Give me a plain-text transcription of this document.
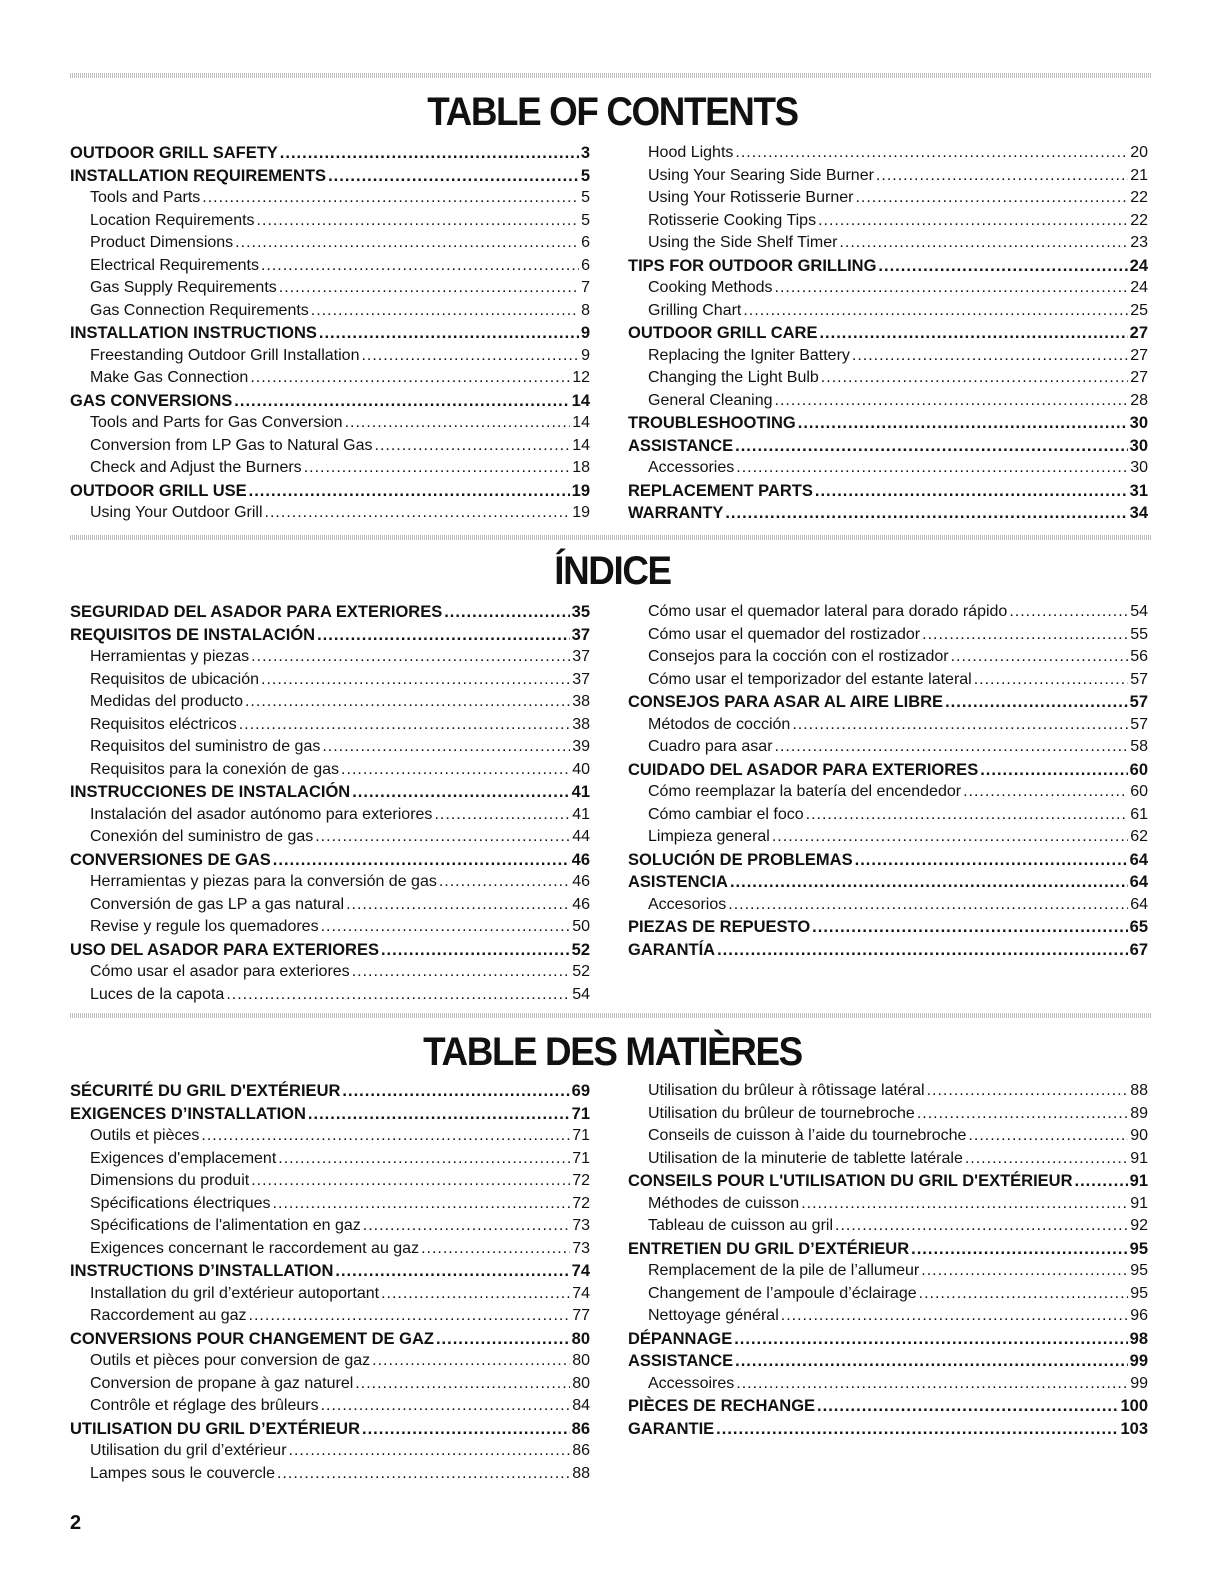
TABLE OF CONTENTS
OUTDOOR GRILL SAFETY .....	3
INSTALLATION REQUIREMENTS .....	5
Tools and Parts .....	5
Location Requirements .....	5
Product Dimensions .....	6
Electrical Requirements .....	6
Gas Supply Requirements .....	7
Gas Connection Requirements .....	8
INSTALLATION INSTRUCTIONS .....	9
Freestanding Outdoor Grill Installation .....	9
Make Gas Connection .....	12
GAS CONVERSIONS .....	14
Tools and Parts for Gas Conversion .....	14
Conversion from LP Gas to Natural Gas .....	14
Check and Adjust the Burners .....	18
OUTDOOR GRILL USE .....	19
Using Your Outdoor Grill .....	19
Hood Lights .....	20
Using Your Searing Side Burner .....	21
Using Your Rotisserie Burner .....	22
Rotisserie Cooking Tips .....	22
Using the Side Shelf Timer .....	23
TIPS FOR OUTDOOR GRILLING .....	24
Cooking Methods .....	24
Grilling Chart .....	25
OUTDOOR GRILL CARE .....	27
Replacing the Igniter Battery .....	27
Changing the Light Bulb .....	27
General Cleaning .....	28
TROUBLESHOOTING .....	30
ASSISTANCE .....	30
Accessories .....	30
REPLACEMENT PARTS .....	31
WARRANTY .....	34
ÍNDICE
SEGURIDAD DEL ASADOR PARA EXTERIORES .....	35
REQUISITOS DE INSTALACIÓN .....	37
Herramientas y piezas .....	37
Requisitos de ubicación .....	37
Medidas del producto .....	38
Requisitos eléctricos .....	38
Requisitos del suministro de gas .....	39
Requisitos para la conexión de gas .....	40
INSTRUCCIONES DE INSTALACIÓN .....	41
Instalación del asador autónomo para exteriores .....	41
Conexión del suministro de gas .....	44
CONVERSIONES DE GAS .....	46
Herramientas y piezas para la conversión de gas .....	46
Conversión de gas LP a gas natural .....	46
Revise y regule los quemadores .....	50
USO DEL ASADOR PARA EXTERIORES .....	52
Cómo usar el asador para exteriores .....	52
Luces de la capota .....	54
Cómo usar el quemador lateral para dorado rápido .....	54
Cómo usar el quemador del rostizador .....	55
Consejos para la cocción con el rostizador .....	56
Cómo usar el temporizador del estante lateral .....	57
CONSEJOS PARA ASAR AL AIRE LIBRE .....	57
Métodos de cocción .....	57
Cuadro para asar .....	58
CUIDADO DEL ASADOR PARA EXTERIORES .....	60
Cómo reemplazar la batería del encendedor .....	60
Cómo cambiar el foco .....	61
Limpieza general .....	62
SOLUCIÓN DE PROBLEMAS .....	64
ASISTENCIA .....	64
Accesorios .....	64
PIEZAS DE REPUESTO .....	65
GARANTÍA .....	67
TABLE DES MATIÈRES
SÉCURITÉ DU GRIL D'EXTÉRIEUR .....	69
EXIGENCES D’INSTALLATION .....	71
Outils et pièces .....	71
Exigences d'emplacement .....	71
Dimensions du produit .....	72
Spécifications électriques .....	72
Spécifications de l'alimentation en gaz .....	73
Exigences concernant le raccordement au gaz .....	73
INSTRUCTIONS D’INSTALLATION .....	74
Installation du gril d’extérieur autoportant .....	74
Raccordement au gaz .....	77
CONVERSIONS POUR CHANGEMENT DE GAZ .....	80
Outils et pièces pour conversion de gaz .....	80
Conversion de propane à gaz naturel .....	80
Contrôle et réglage des brûleurs .....	84
UTILISATION DU GRIL D’EXTÉRIEUR .....	86
Utilisation du gril d’extérieur .....	86
Lampes sous le couvercle .....	88
Utilisation du brûleur à rôtissage latéral .....	88
Utilisation du brûleur de tournebroche .....	89
Conseils de cuisson à l’aide du tournebroche .....	90
Utilisation de la minuterie de tablette latérale .....	91
CONSEILS POUR L'UTILISATION DU GRIL D'EXTÉRIEUR .....	91
Méthodes de cuisson .....	91
Tableau de cuisson au gril .....	92
ENTRETIEN DU GRIL D’EXTÉRIEUR .....	95
Remplacement de la pile de l’allumeur .....	95
Changement de l’ampoule d’éclairage .....	95
Nettoyage général .....	96
DÉPANNAGE .....	98
ASSISTANCE .....	99
Accessoires .....	99
PIÈCES DE RECHANGE .....	100
GARANTIE .....	103
2
